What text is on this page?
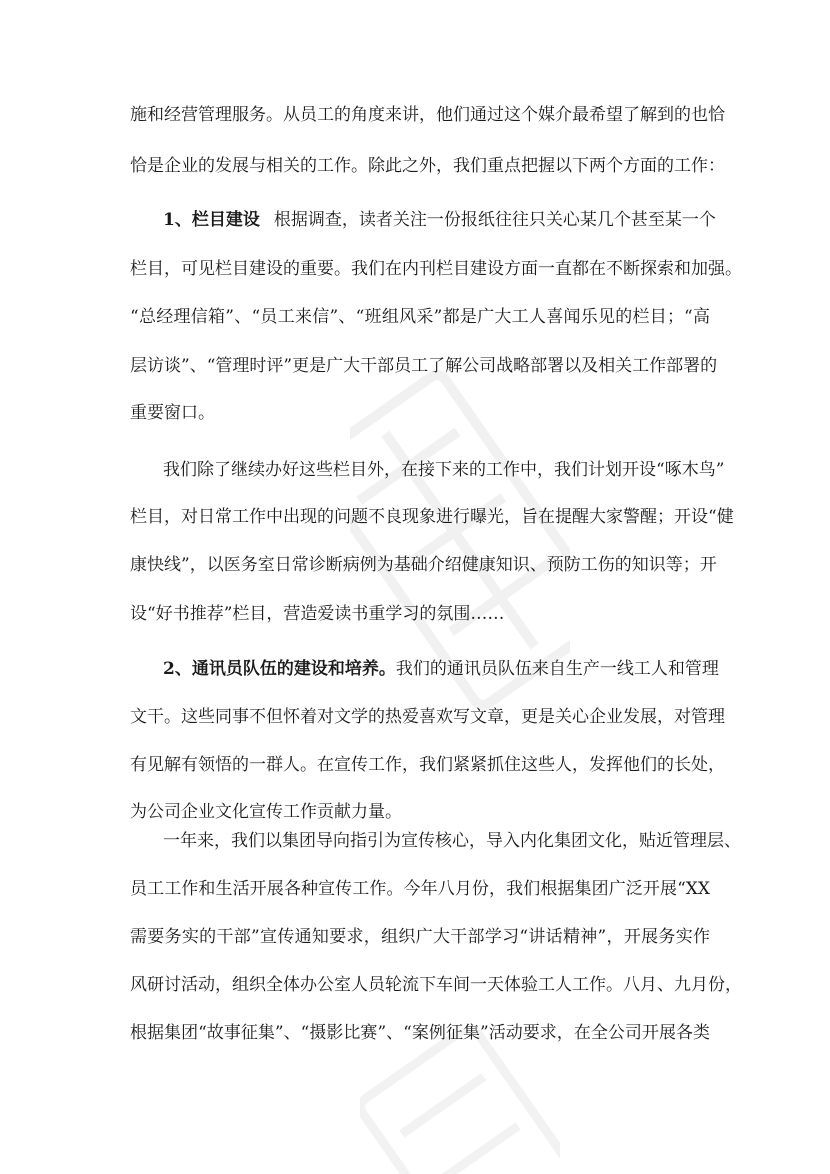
施和经营管理服务。从员工的角度来讲，他们通过这个媒介最希望了解到的也恰
恰是企业的发展与相关的工作。除此之外，我们重点把握以下两个方面的工作：
1、栏目建设 根据调查，读者关注一份报纸往往只关心某几个甚至某一个
栏目，可见栏目建设的重要。我们在内刊栏目建设方面一直都在不断探索和加强。
“总经理信箱”、“员工来信”、“班组风采”都是广大工人喜闻乐见的栏目；“高
层访谈”、“管理时评”更是广大干部员工了解公司战略部署以及相关工作部署的
重要窗口。
我们除了继续办好这些栏目外，在接下来的工作中，我们计划开设“啄木鸟”
栏目，对日常工作中出现的问题不良现象进行曝光，旨在提醒大家警醒；开设“健
康快线”，以医务室日常诊断病例为基础介绍健康知识、预防工伤的知识等；开
设“好书推荐”栏目，营造爱读书重学习的氛围……
2、通讯员队伍的建设和培养。我们的通讯员队伍来自生产一线工人和管理
文干。这些同事不但怀着对文学的热爱喜欢写文章，更是关心企业发展，对管理
有见解有领悟的一群人。在宣传工作，我们紧紧抓住这些人，发挥他们的长处，
为公司企业文化宣传工作贡献力量。
一年来，我们以集团导向指引为宣传核心，导入内化集团文化，贴近管理层、
员工工作和生活开展各种宣传工作。今年八月份，我们根据集团广泛开展“XX
需要务实的干部”宣传通知要求，组织广大干部学习“讲话精神”，开展务实作
风研讨活动，组织全体办公室人员轮流下车间一天体验工人工作。八月、九月份，
根据集团“故事征集”、“摄影比赛”、“案例征集”活动要求，在全公司开展各类
